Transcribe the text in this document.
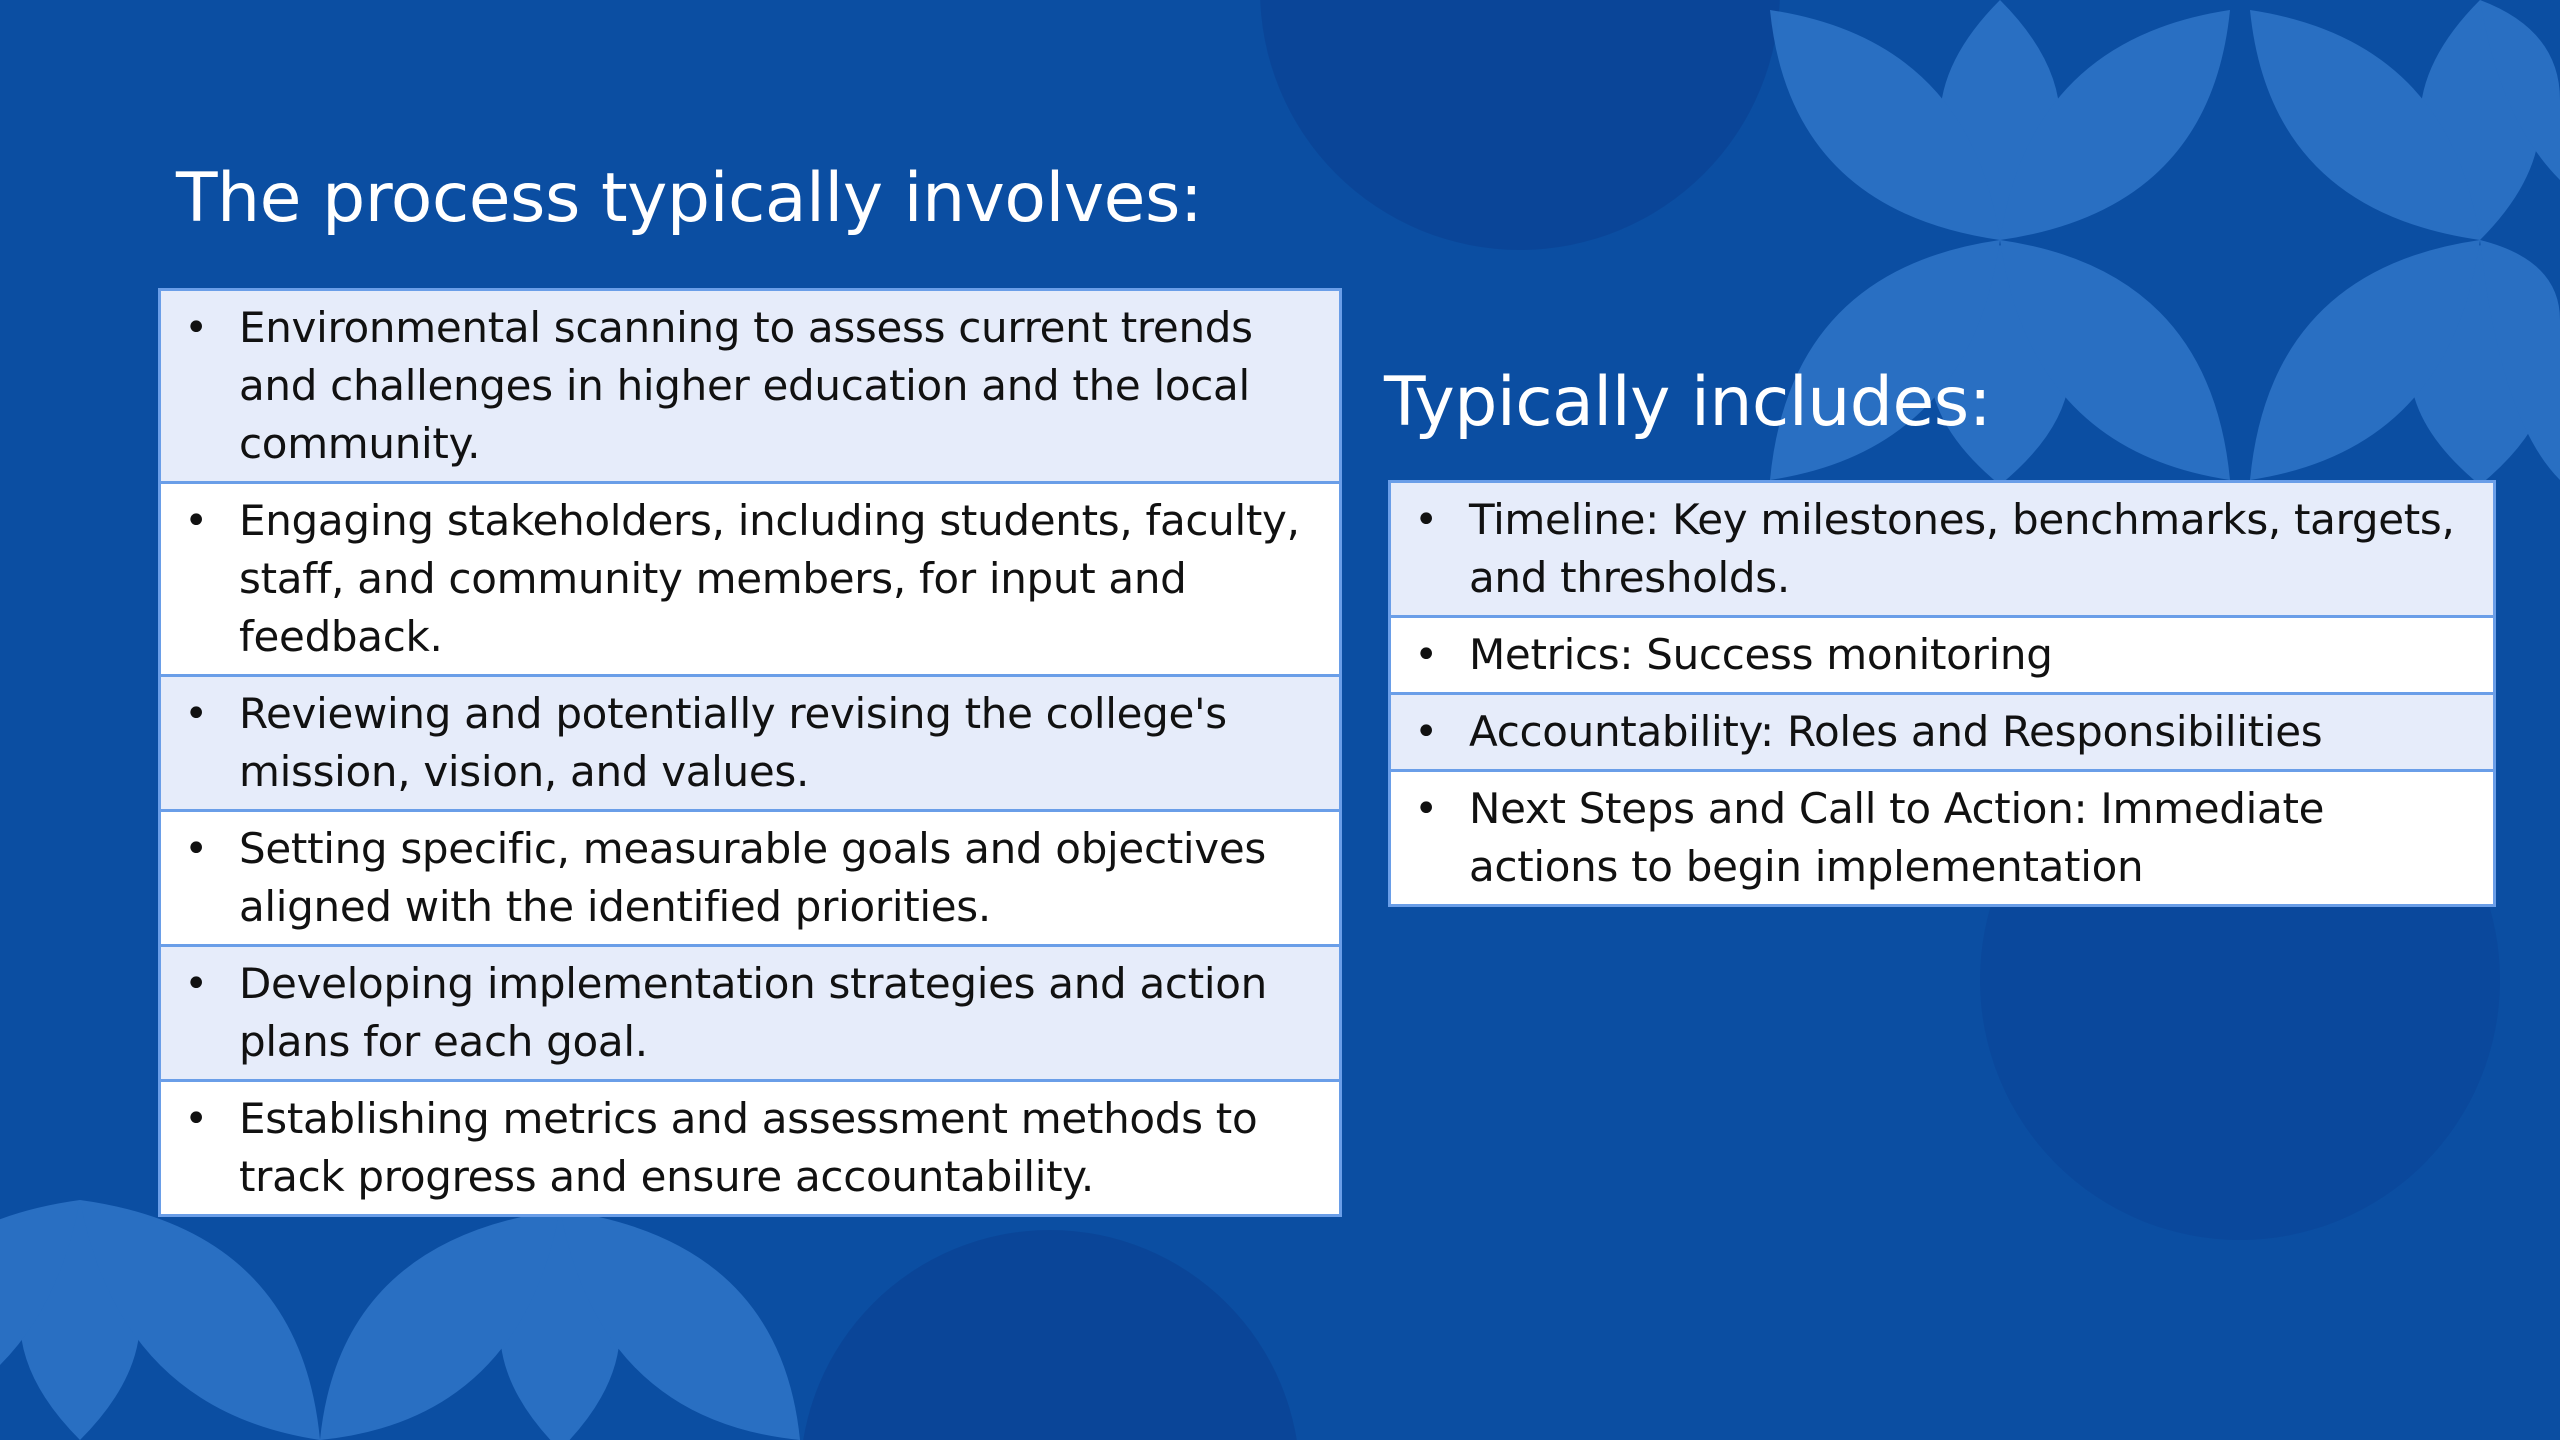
The process typically involves:
• Environmental scanning to assess current trends and challenges in higher education and the local community.
• Engaging stakeholders, including students, faculty, staff, and community members, for input and feedback.
• Reviewing and potentially revising the college's mission, vision, and values.
• Setting specific, measurable goals and objectives aligned with the identified priorities.
• Developing implementation strategies and action plans for each goal.
• Establishing metrics and assessment methods to track progress and ensure accountability.
Typically includes:
• Timeline: Key milestones, benchmarks, targets, and thresholds.
• Metrics: Success monitoring
• Accountability: Roles and Responsibilities
• Next Steps and Call to Action: Immediate actions to begin implementation
